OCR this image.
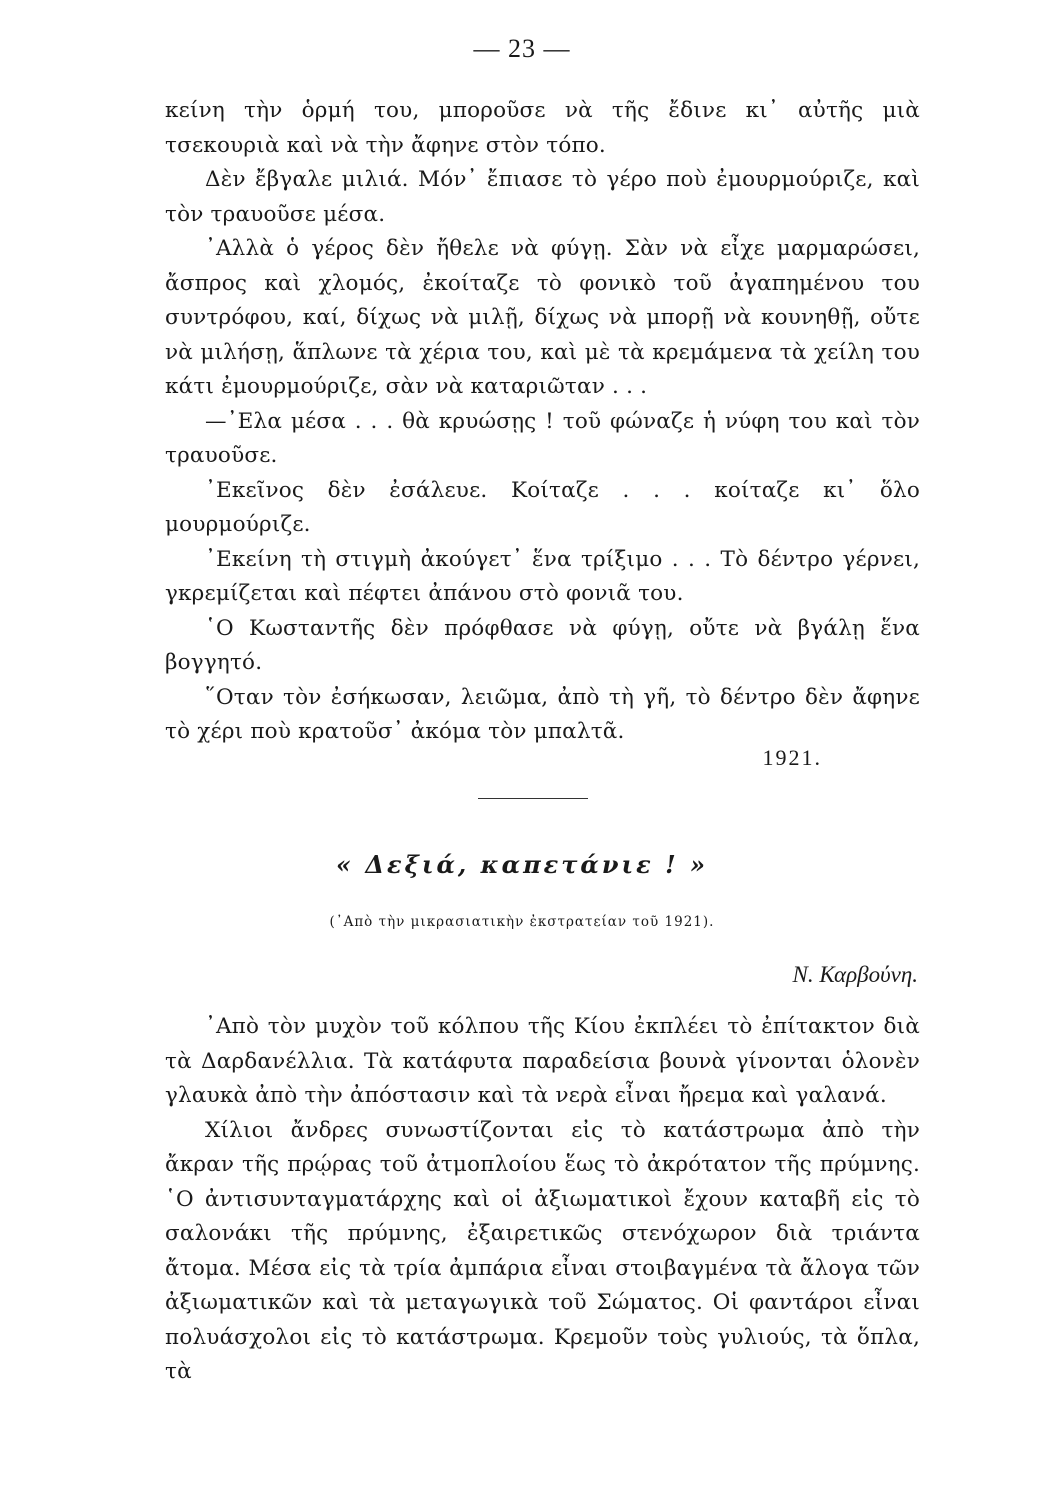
— 23 —

κείνη τὴν ὁρμή του, μποροῦσε νὰ τῆς ἔδινε κι᾽ αὐτῆς μιὰ τσεκουριὰ καὶ νὰ τὴν ἄφηνε στὸν τόπο.

Δὲν ἔβγαλε μιλιά. Μόν᾽ ἔπιασε τὸ γέρο ποὺ ἐμουρμούριζε, καὶ τὸν τραυοῦσε μέσα.

᾽Αλλὰ ὁ γέρος δὲν ἤθελε νὰ φύγῃ. Σὰν νὰ εἶχε μαρμαρώσει, ἄσπρος καὶ χλομός, ἐκοίταζε τὸ φονικὸ τοῦ ἀγαπημένου του συντρόφου, καί, δίχως νὰ μιλῇ, δίχως νὰ μπορῇ νὰ κουνηθῇ, οὔτε νὰ μιλήσῃ, ἅπλωνε τὰ χέρια του, καὶ μὲ τὰ κρεμάμενα τὰ χείλη του κάτι ἐμουρμούριζε, σὰν νὰ καταριῶταν . . .

—᾽Ελα μέσα . . . θὰ κρυώσῃς ! τοῦ φώναζε ἡ νύφη του καὶ τὸν τραυοῦσε.

᾽Εκεῖνος δὲν ἐσάλευε. Κοίταζε . . . κοίταζε κι᾽ ὅλο μουρμούριζε.

᾽Εκείνη τὴ στιγμὴ ἀκούγετ᾽ ἕνα τρίξιμο . . . Τὸ δέντρο γέρνει, γκρεμίζεται καὶ πέφτει ἀπάνου στὸ φονιᾶ του.

῾Ο Κωσταντῆς δὲν πρόφθασε νὰ φύγῃ, οὔτε νὰ βγάλῃ ἕνα βογγητό.

῞Οταν τὸν ἐσήκωσαν, λειῶμα, ἀπὸ τὴ γῆ, τὸ δέντρο δὲν ἄφηνε τὸ χέρι ποὺ κρατοῦσ᾽ ἀκόμα τὸν μπαλτᾶ.

1921.
« Δεξιά, καπετάνιε ! »
(᾽Απὸ τὴν μικρασιατικὴν ἐκστρατείαν τοῦ 1921).
Ν. Καρβούνη.

᾽Απὸ τὸν μυχὸν τοῦ κόλπου τῆς Κίου ἐκπλέει τὸ ἐπίτακτον διὰ τὰ Δαρδανέλλια. Τὰ κατάφυτα παραδείσια βουνὰ γίνονται ὁλονὲν γλαυκὰ ἀπὸ τὴν ἀπόστασιν καὶ τὰ νερὰ εἶναι ἤρεμα καὶ γαλανά.

Χίλιοι ἄνδρες συνωστίζονται εἰς τὸ κατάστρωμα ἀπὸ τὴν ἄκραν τῆς πρῴρας τοῦ ἀτμοπλοίου ἕως τὸ ἀκρότατον τῆς πρύμνης. ῾Ο ἀντισυνταγματάρχης καὶ οἱ ἀξιωματικοὶ ἔχουν καταβῆ εἰς τὸ σαλονάκι τῆς πρύμνης, ἐξαιρετικῶς στενόχωρον διὰ τριάντα ἄτομα. Μέσα εἰς τὰ τρία ἀμπάρια εἶναι στοιβαγμένα τὰ ἄλογα τῶν ἀξιωματικῶν καὶ τὰ μεταγωγικὰ τοῦ Σώματος. Οἱ φαντάροι εἶναι πολυάσχολοι εἰς τὸ κατάστρωμα. Κρεμοῦν τοὺς γυλιούς, τὰ ὅπλα, τὰ
